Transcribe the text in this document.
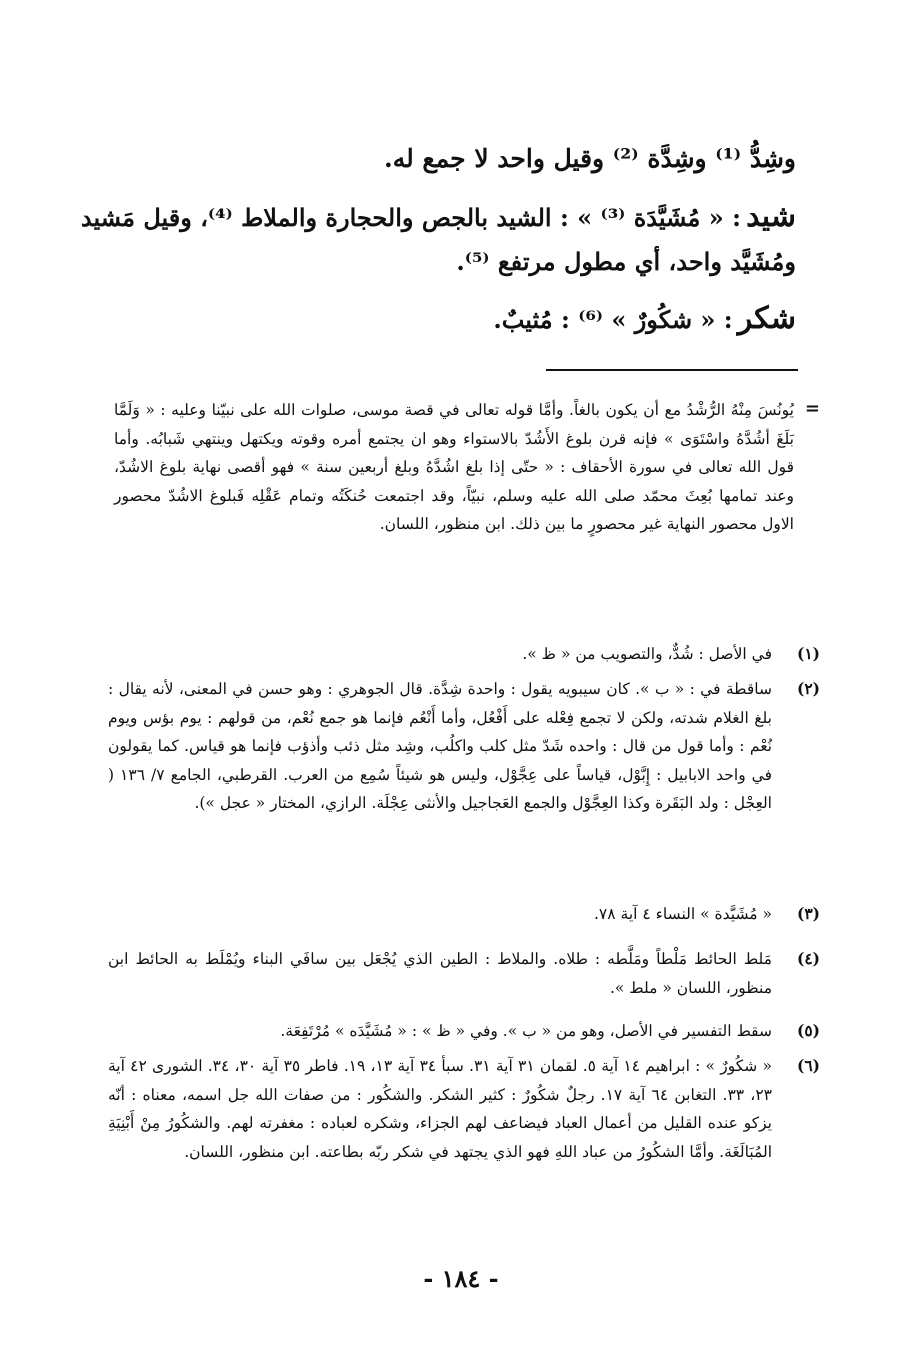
وشِدُّ ⁽¹⁾ وشِدَّة ⁽²⁾ وقيل واحد لا جمع له.
شيد : « مُشَيَّدَة ⁽³⁾ » : الشيد بالجص والحجارة والملاط ⁽⁴⁾، وقيل مَشيد ومُشَيَّد واحد، أي مطول مرتفع ⁽⁵⁾.
شكر : « شكُورٌ » ⁽⁶⁾ : مُثيبٌ.
=
يُونُسَ مِنْهُ الرُّشْدُ مع أن يكون بالغاً. وأمَّا قوله تعالى في قصة موسى، صلوات الله على نبيّنا وعليه : « وَلَمَّا بَلَغَ أشُدَّهُ واسْتَوَى » فإنه قرن بلوغ الأَشُدّ بالاستواء وهو ان يجتمع أمره وقوته ويكتهل وينتهي شَبابُه. وأما قول الله تعالى في سورة الأحقاف : « حتّى إذا بلغ اشُدَّهُ وبلغ أربعين سنة » فهو أقصى نهاية بلوغ الاشُدّ، وعند تمامها بُعِثَ محمّد صلى الله عليه وسلم، نبيّاً، وقد اجتمعت حُنكَتُه وتمام عَقْلِه فَبلوغ الاشُدّ محصور الاول محصور النهاية غير محصورٍ ما بين ذلك. ابن منظور، اللسان.
(١)
في الأصل : شُدٌّ، والتصويب من « ظ ».
(٢)
ساقطة في : « ب ». كان سيبويه يقول : واحدة شِدَّة. قال الجوهري : وهو حسن في المعنى، لأنه يقال : بلغ الغلام شدته، ولكن لا تجمع فِعْله على أَفْعُل، وأما أَنْعُم فإنما هو جمع نُعْم، من قولهم : يوم بؤس ويوم نُعْم : وأما قول من قال : واحده شَدّ مثل كلب واكلُب، وشِد مثل ذئب وأذؤب فإنما هو قياس. كما يقولون في واحد الابابيل : إِبَّوْل، قياساً على عِجَّوْل، وليس هو شيئاً سُمِع من العرب. القرطبي، الجامع ٧/ ١٣٦ ( العِجْل : ولد البَقَرة وكذا العِجَّوْل والجمع العَجاجيل والأنثى عِجْلَة. الرازي، المختار « عجل »).
(٣)
« مُشَيَّدة » النساء ٤ آية ٧٨.
(٤)
مَلط الحائط مَلْطاً ومَلَّطه : طلاه. والملاط : الطين الذي يُجْعَل بين سافَي البناء ويُمْلَط به الحائط ابن منظور، اللسان « ملط ».
(٥)
سقط التفسير في الأصل، وهو من « ب ». وفي « ظ » : « مُشَيَّدَه » مُرْتَفِعَة.
(٦)
« شكُورٌ » : ابراهيم ١٤ آية ٥. لقمان ٣١ آية ٣١. سبأ ٣٤ آية ١٣، ١٩. فاطر ٣٥ آية ٣٠، ٣٤. الشورى ٤٢ آية ٢٣، ٣٣. التغابن ٦٤ آية ١٧. رجلٌ شكُورٌ : كثير الشكر. والشكُور : من صفات الله جل اسمه، معناه : أنّه يزكو عنده القليل من أعمال العباد فيضاعف لهم الجزاء، وشكره لعباده : مغفرته لهم. والشكُورُ مِنْ أَبْنِيَةِ المُبَالَغَة. وأمَّا الشكُورُ من عباد اللهِ فهو الذي يجتهد في شكر ربّه بطاعته. ابن منظور، اللسان.
- ١٨٤ -
